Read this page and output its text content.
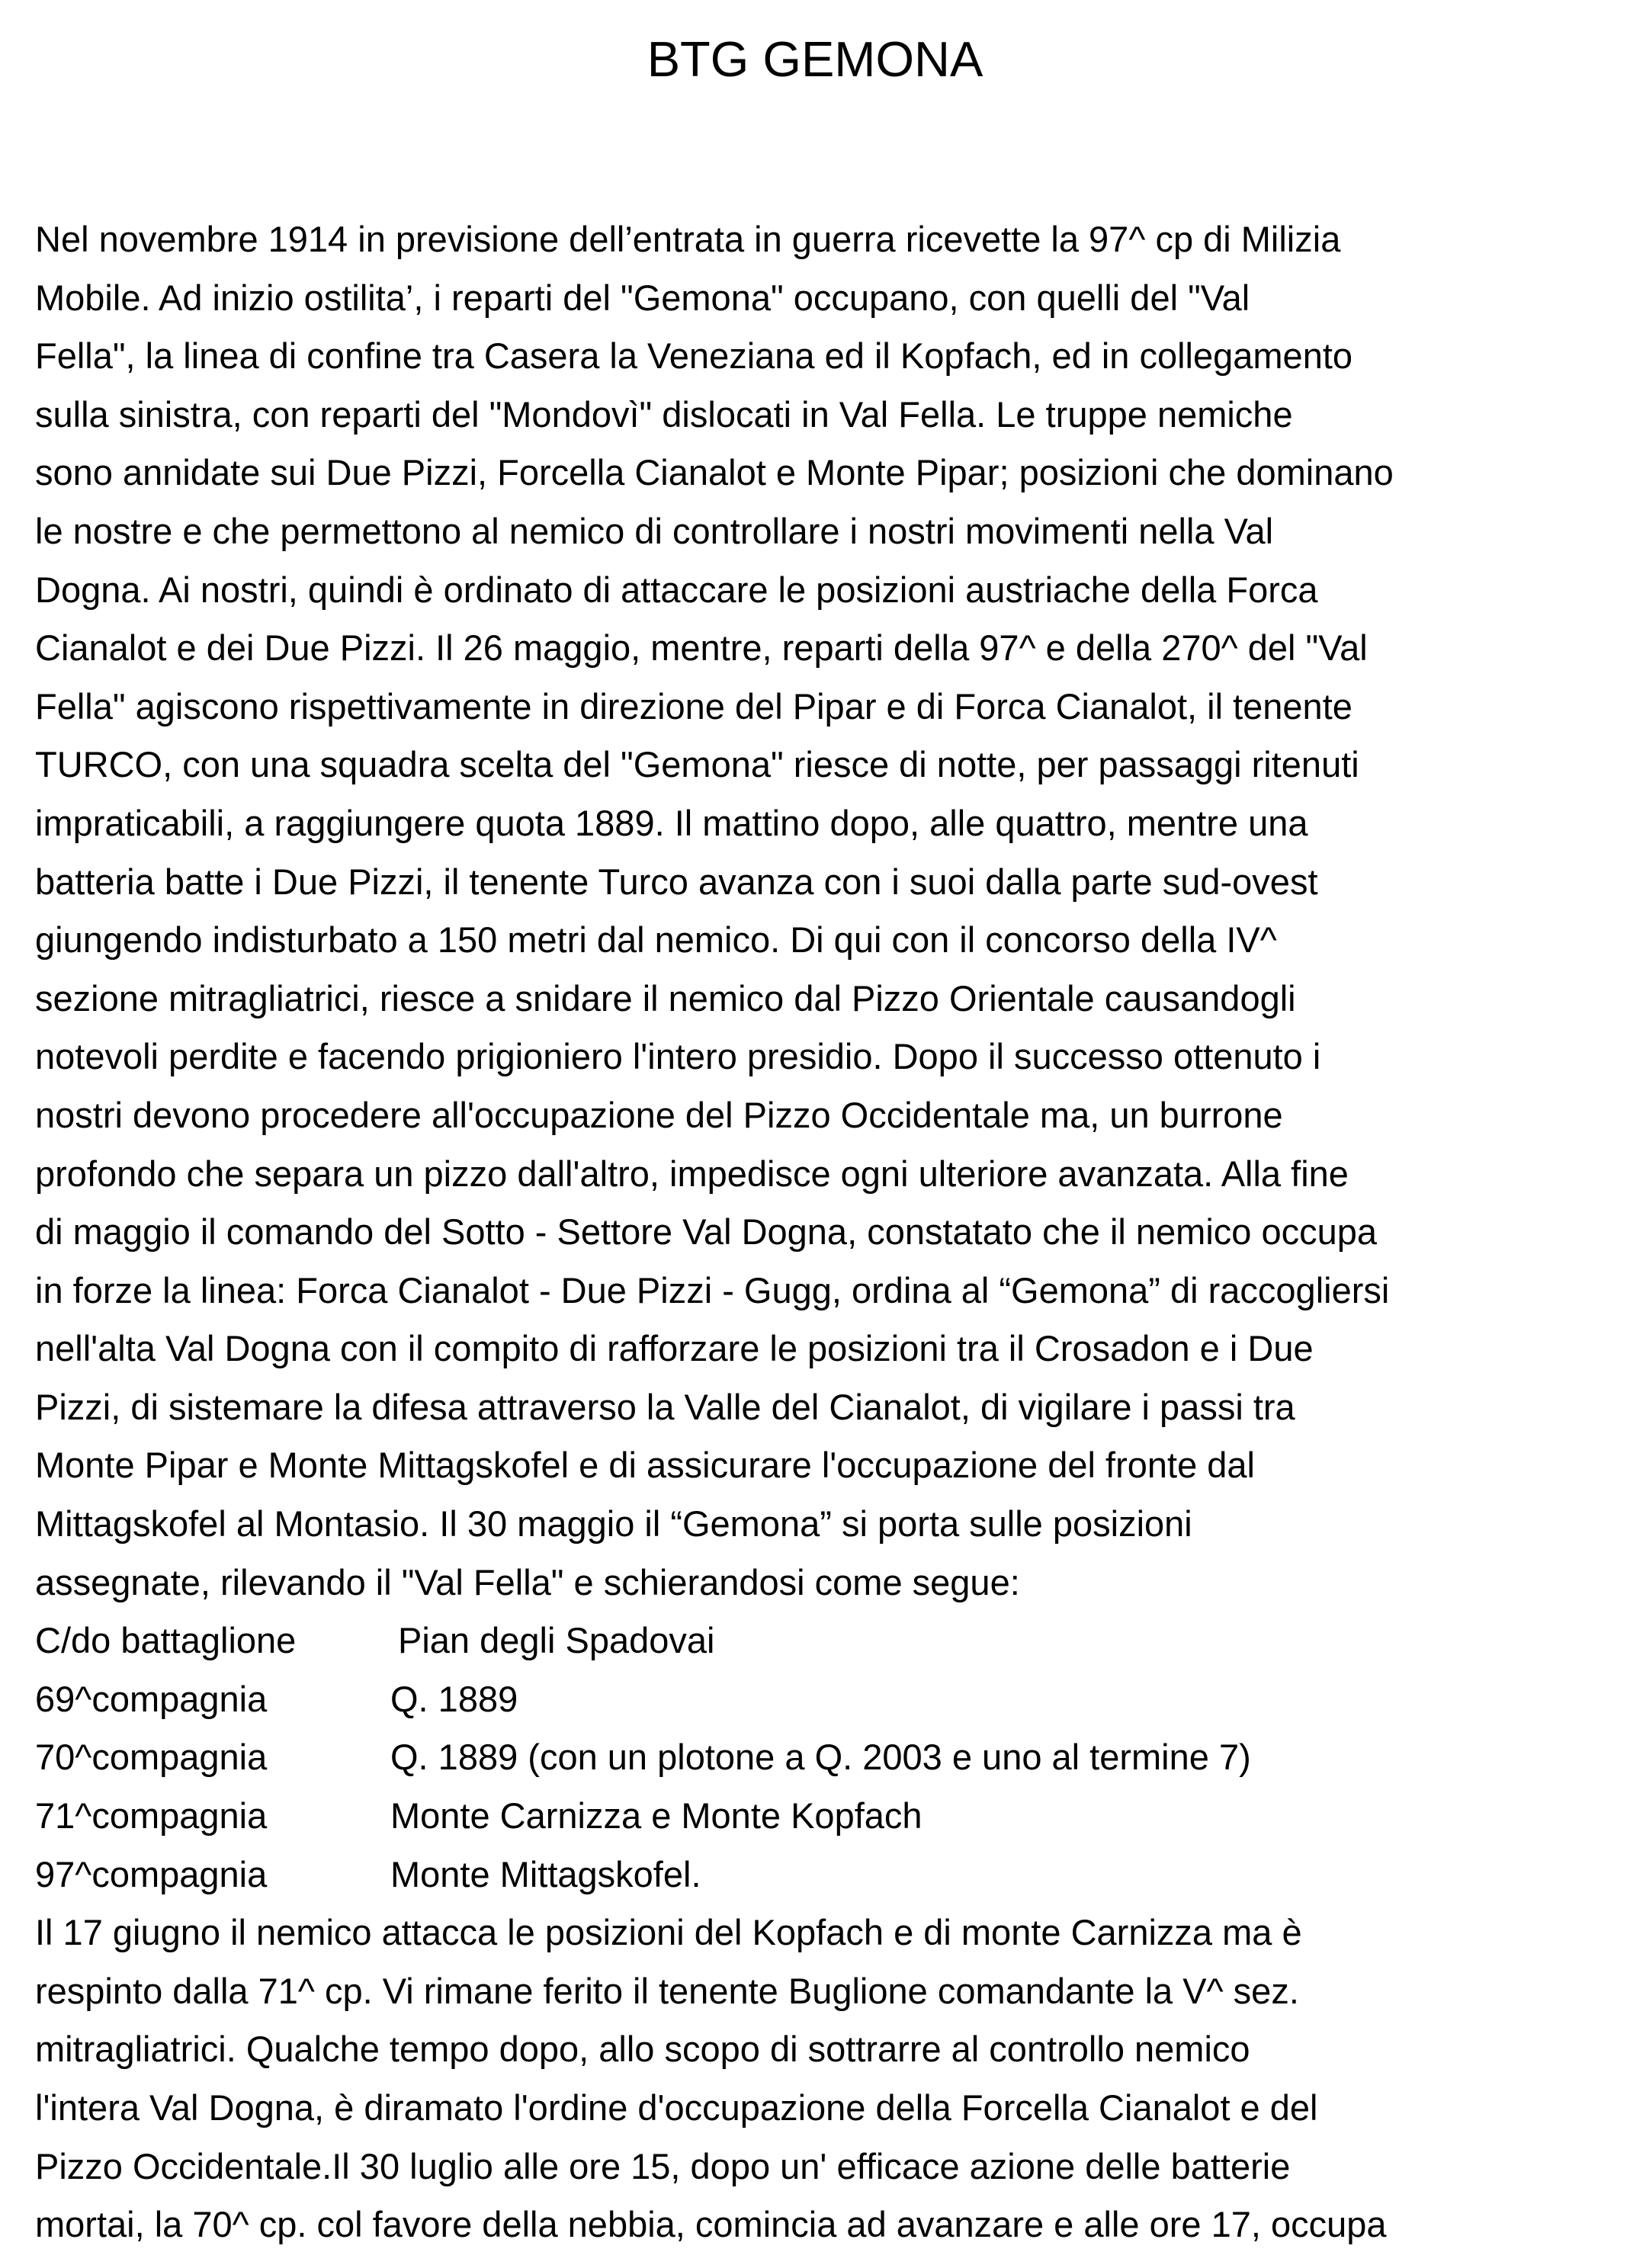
BTG GEMONA
Nel novembre 1914 in previsione dell’entrata in guerra ricevette la 97^ cp di Milizia
Mobile. Ad inizio ostilita’, i reparti del "Gemona" occupano, con quelli del "Val
Fella", la linea di confine tra Casera la Veneziana ed il Kopfach, ed in collegamento
sulla sinistra, con reparti del "Mondovì" dislocati in Val Fella. Le truppe nemiche
sono annidate sui Due Pizzi, Forcella Cianalot e Monte Pipar; posizioni che dominano
le nostre e che permettono al nemico di controllare i nostri movimenti nella Val
Dogna. Ai nostri, quindi è ordinato di attaccare le posizioni austriache della Forca
Cianalot e dei Due Pizzi. Il 26 maggio, mentre, reparti della 97^ e della 270^ del "Val
Fella" agiscono rispettivamente in direzione del Pipar e di Forca Cianalot, il tenente
TURCO, con una squadra scelta del "Gemona" riesce di notte, per passaggi ritenuti
impraticabili, a raggiungere quota 1889. Il mattino dopo, alle quattro, mentre una
batteria batte i Due Pizzi, il tenente Turco avanza con i suoi dalla parte sud-ovest
giungendo indisturbato a 150 metri dal nemico. Di qui con il concorso della IV^
sezione mitragliatrici, riesce a snidare il nemico dal Pizzo Orientale causandogli
notevoli perdite e facendo prigioniero l'intero presidio. Dopo il successo ottenuto i
nostri devono procedere all'occupazione del Pizzo Occidentale ma, un burrone
profondo che separa un pizzo dall'altro, impedisce ogni ulteriore avanzata. Alla fine
di maggio il comando del Sotto - Settore Val Dogna, constatato che il nemico occupa
in forze la linea: Forca Cianalot - Due Pizzi - Gugg, ordina al “Gemona” di raccogliersi
nell'alta Val Dogna con il compito di rafforzare le posizioni tra il Crosadon e i Due
Pizzi, di sistemare la difesa attraverso la Valle del Cianalot, di vigilare i passi tra
Monte Pipar e Monte Mittagskofel e di assicurare l'occupazione del fronte dal
Mittagskofel al Montasio. Il 30 maggio il “Gemona” si porta sulle posizioni
assegnate, rilevando il "Val Fella" e schierandosi come segue:
C/do battaglione	Pian degli Spadovai
69^compagnia	Q. 1889
70^compagnia	Q. 1889 (con un plotone a Q. 2003 e uno al termine 7)
71^compagnia	Monte Carnizza e Monte Kopfach
97^compagnia	Monte Mittagskofel.
Il 17 giugno il nemico attacca le posizioni del Kopfach e di monte Carnizza ma è
respinto dalla 71^ cp. Vi rimane ferito il tenente Buglione comandante la V^ sez.
mitragliatrici. Qualche tempo dopo, allo scopo di sottrarre al controllo nemico
l'intera Val Dogna, è diramato l'ordine d'occupazione della Forcella Cianalot e del
Pizzo Occidentale.Il 30 luglio alle ore 15, dopo un' efficace azione delle batterie
mortai, la 70^ cp. col favore della nebbia, comincia ad avanzare e alle ore 17, occupa
